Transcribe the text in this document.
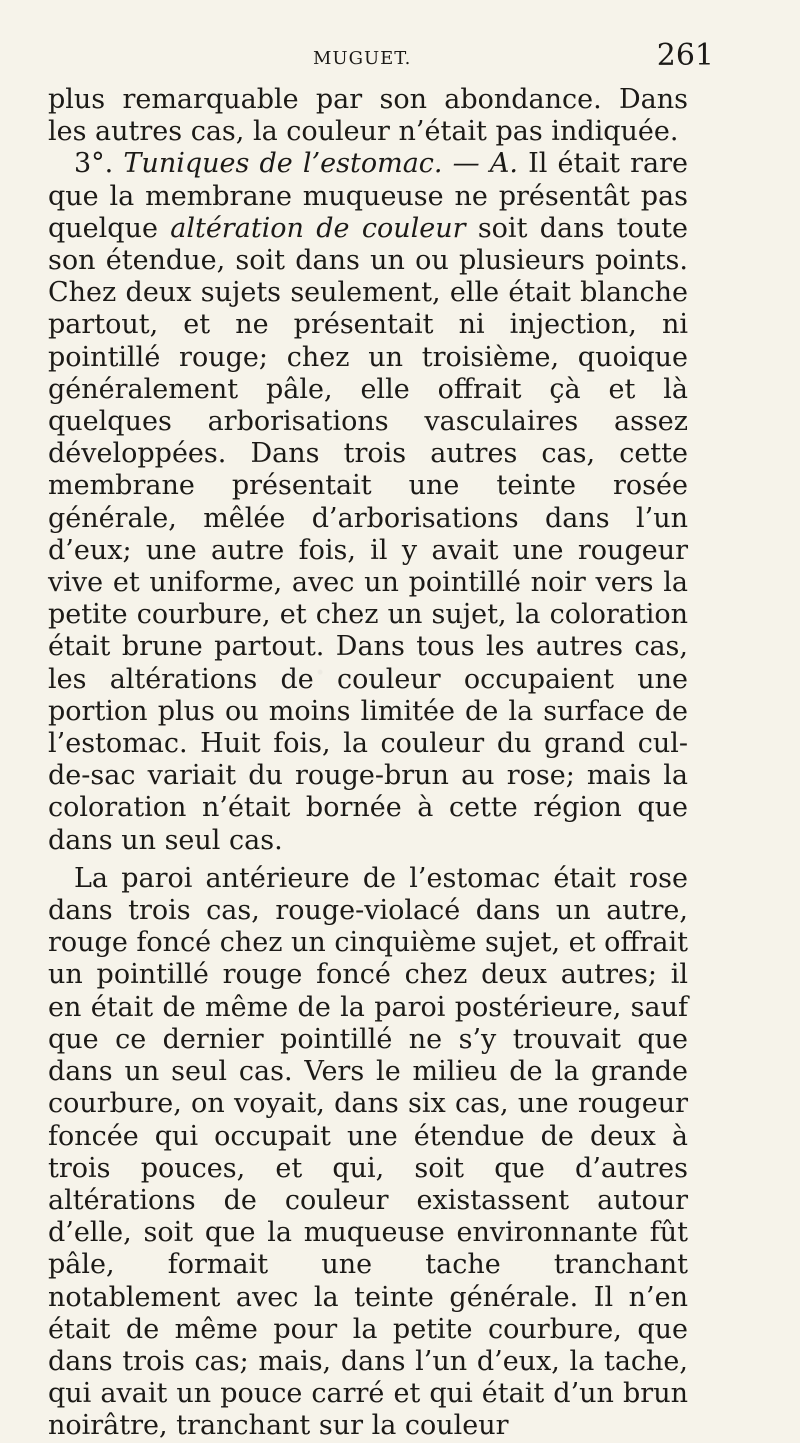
MUGUET.	261

plus remarquable par son abondance. Dans les autres cas, la couleur n’était pas indiquée.

3°. Tuniques de l’estomac. — A. Il était rare que la membrane muqueuse ne présentât pas quelque altération de couleur soit dans toute son étendue, soit dans un ou plusieurs points. Chez deux sujets seulement, elle était blanche partout, et ne présentait ni injection, ni pointillé rouge; chez un troisième, quoique généralement pâle, elle offrait çà et là quelques arborisations vasculaires assez développées. Dans trois autres cas, cette membrane présentait une teinte rosée générale, mêlée d’arborisations dans l’un d’eux; une autre fois, il y avait une rougeur vive et uniforme, avec un pointillé noir vers la petite courbure, et chez un sujet, la coloration était brune partout. Dans tous les autres cas, les altérations de couleur occupaient une portion plus ou moins limitée de la surface de l’estomac. Huit fois, la couleur du grand cul-de-sac variait du rouge-brun au rose; mais la coloration n’était bornée à cette région que dans un seul cas.

La paroi antérieure de l’estomac était rose dans trois cas, rouge-violacé dans un autre, rouge foncé chez un cinquième sujet, et offrait un pointillé rouge foncé chez deux autres; il en était de même de la paroi postérieure, sauf que ce dernier pointillé ne s’y trouvait que dans un seul cas. Vers le milieu de la grande courbure, on voyait, dans six cas, une rougeur foncée qui occupait une étendue de deux à trois pouces, et qui, soit que d’autres altérations de couleur existassent autour d’elle, soit que la muqueuse environnante fût pâle, formait une tache tranchant notablement avec la teinte générale. Il n’en était de même pour la petite courbure, que dans trois cas; mais, dans l’un d’eux, la tache, qui avait un pouce carré et qui était d’un brun noirâtre, tranchant sur la couleur
